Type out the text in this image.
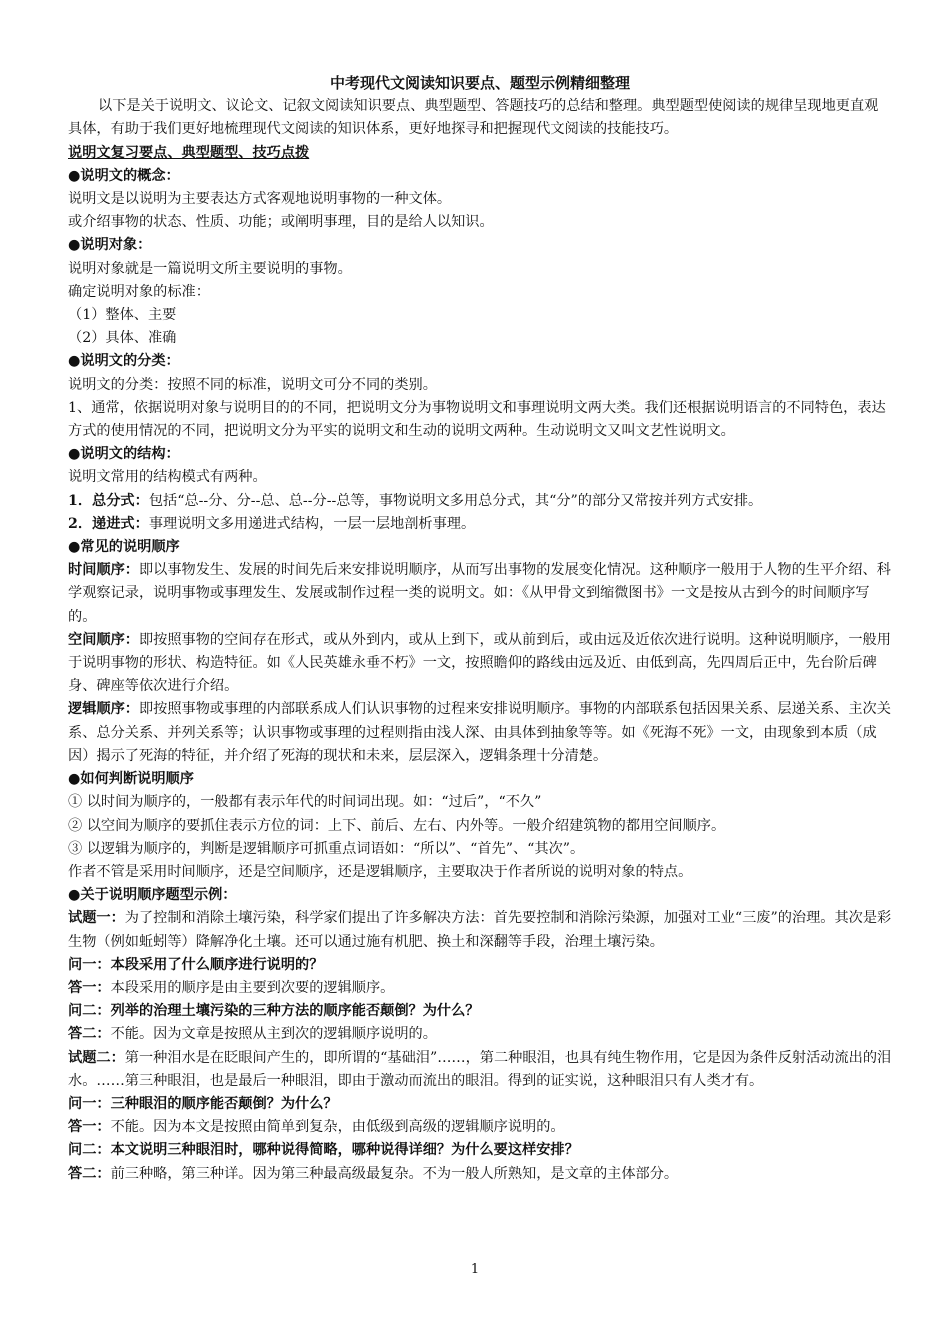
中考现代文阅读知识要点、题型示例精细整理

以下是关于说明文、议论文、记叙文阅读知识要点、典型题型、答题技巧的总结和整理。典型题型使阅读的规律呈现地更直观具体，有助于我们更好地梳理现代文阅读的知识体系，更好地探寻和把握现代文阅读的技能技巧。

说明文复习要点、典型题型、技巧点拨
●说明文的概念：

说明文是以说明为主要表达方式客观地说明事物的一种文体。

或介绍事物的状态、性质、功能；或阐明事理，目的是给人以知识。

●说明对象：

说明对象就是一篇说明文所主要说明的事物。

确定说明对象的标准：

（1）整体、主要

（2）具体、准确

●说明文的分类：

说明文的分类：按照不同的标准，说明文可分不同的类别。

1、通常，依据说明对象与说明目的的不同，把说明文分为事物说明文和事理说明文两大类。我们还根据说明语言的不同特色，表达方式的使用情况的不同，把说明文分为平实的说明文和生动的说明文两种。生动说明文又叫文艺性说明文。

●说明文的结构：

说明文常用的结构模式有两种。

1．总分式：包括“总--分、分--总、总--分--总等，事物说明文多用总分式，其“分”的部分又常按并列方式安排。

2．递进式：事理说明文多用递进式结构，一层一层地剖析事理。

●常见的说明顺序

时间顺序：即以事物发生、发展的时间先后来安排说明顺序，从而写出事物的发展变化情况。这种顺序一般用于人物的生平介绍、科学观察记录，说明事物或事理发生、发展或制作过程一类的说明文。如：《从甲骨文到缩微图书》一文是按从古到今的时间顺序写的。

空间顺序：即按照事物的空间存在形式，或从外到内，或从上到下，或从前到后，或由远及近依次进行说明。这种说明顺序，一般用于说明事物的形状、构造特征。如《人民英雄永垂不朽》一文，按照瞻仰的路线由远及近、由低到高，先四周后正中，先台阶后碑身、碑座等依次进行介绍。

逻辑顺序：即按照事物或事理的内部联系成人们认识事物的过程来安排说明顺序。事物的内部联系包括因果关系、层递关系、主次关系、总分关系、并列关系等；认识事物或事理的过程则指由浅人深、由具体到抽象等等。如《死海不死》一文，由现象到本质（成因）揭示了死海的特征，并介绍了死海的现状和未来，层层深入，逻辑条理十分清楚。

●如何判断说明顺序

① 以时间为顺序的，一般都有表示年代的时间词出现。如：“过后”，“不久”

② 以空间为顺序的要抓住表示方位的词：上下、前后、左右、内外等。一般介绍建筑物的都用空间顺序。

③ 以逻辑为顺序的，判断是逻辑顺序可抓重点词语如：“所以”、“首先”、“其次”。

作者不管是采用时间顺序，还是空间顺序，还是逻辑顺序，主要取决于作者所说的说明对象的特点。

●关于说明顺序题型示例：

试题一：为了控制和消除土壤污染，科学家们提出了许多解决方法：首先要控制和消除污染源，加强对工业“三废”的治理。其次是彩生物（例如蚯蚓等）降解净化土壤。还可以通过施有机肥、换土和深翻等手段，治理土壤污染。

问一：本段采用了什么顺序进行说明的？

答一：本段采用的顺序是由主要到次要的逻辑顺序。

问二：列举的治理土壤污染的三种方法的顺序能否颠倒？为什么？

答二：不能。因为文章是按照从主到次的逻辑顺序说明的。

试题二：第一种泪水是在眨眼间产生的，即所谓的“基础泪”……，第二种眼泪，也具有纯生物作用，它是因为条件反射活动流出的泪水。……第三种眼泪，也是最后一种眼泪，即由于激动而流出的眼泪。得到的证实说，这种眼泪只有人类才有。

问一：三种眼泪的顺序能否颠倒？为什么？

答一：不能。因为本文是按照由简单到复杂，由低级到高级的逻辑顺序说明的。

问二：本文说明三种眼泪时，哪种说得简略，哪种说得详细？为什么要这样安排？

答二：前三种略，第三种详。因为第三种最高级最复杂。不为一般人所熟知，是文章的主体部分。

1
